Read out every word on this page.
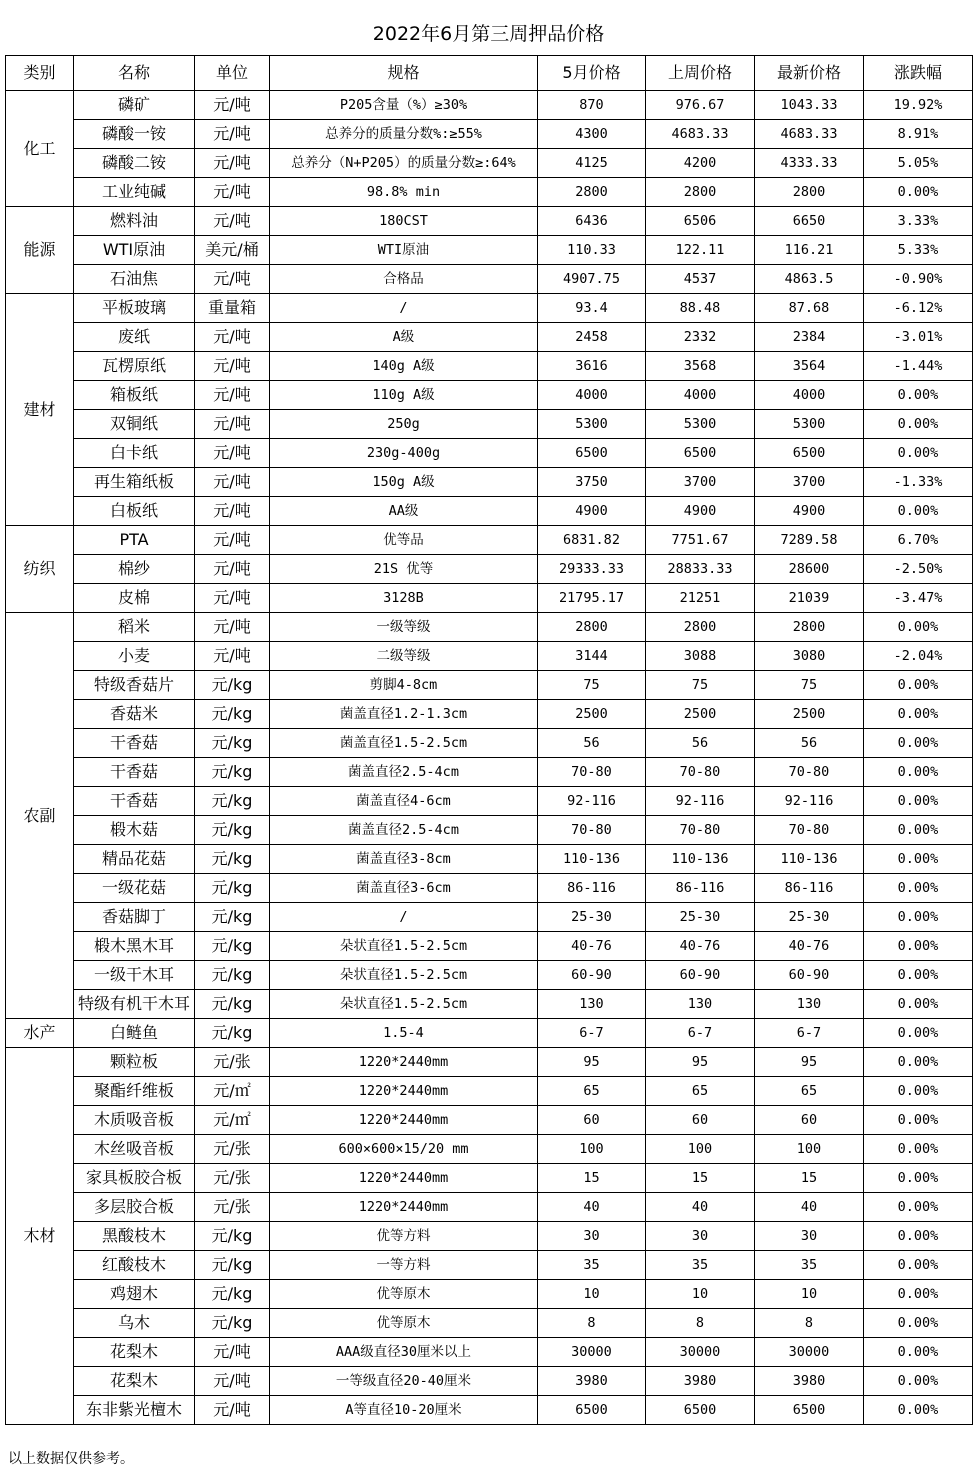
2022年6月第三周押品价格
类别	名称	单位	规格	5月价格	上周价格	最新价格	涨跌幅
化工	磷矿	元/吨	P205含量（%）≥30%	870	976.67	1043.33	19.92%
	磷酸一铵	元/吨	总养分的质量分数%:≥55%	4300	4683.33	4683.33	8.91%
	磷酸二铵	元/吨	总养分（N+P205）的质量分数≥:64%	4125	4200	4333.33	5.05%
	工业纯碱	元/吨	98.8% min	2800	2800	2800	0.00%
能源	燃料油	元/吨	180CST	6436	6506	6650	3.33%
	WTI原油	美元/桶	WTI原油	110.33	122.11	116.21	5.33%
	石油焦	元/吨	合格品	4907.75	4537	4863.5	-0.90%
建材	平板玻璃	重量箱	/	93.4	88.48	87.68	-6.12%
	废纸	元/吨	A级	2458	2332	2384	-3.01%
	瓦楞原纸	元/吨	140g A级	3616	3568	3564	-1.44%
	箱板纸	元/吨	110g A级	4000	4000	4000	0.00%
	双铜纸	元/吨	250g	5300	5300	5300	0.00%
	白卡纸	元/吨	230g-400g	6500	6500	6500	0.00%
	再生箱纸板	元/吨	150g A级	3750	3700	3700	-1.33%
	白板纸	元/吨	AA级	4900	4900	4900	0.00%
纺织	PTA	元/吨	优等品	6831.82	7751.67	7289.58	6.70%
	棉纱	元/吨	21S 优等	29333.33	28833.33	28600	-2.50%
	皮棉	元/吨	3128B	21795.17	21251	21039	-3.47%
农副	稻米	元/吨	一级等级	2800	2800	2800	0.00%
	小麦	元/吨	二级等级	3144	3088	3080	-2.04%
	特级香菇片	元/kg	剪脚4-8cm	75	75	75	0.00%
	香菇米	元/kg	菌盖直径1.2-1.3cm	2500	2500	2500	0.00%
	干香菇	元/kg	菌盖直径1.5-2.5cm	56	56	56	0.00%
	干香菇	元/kg	菌盖直径2.5-4cm	70-80	70-80	70-80	0.00%
	干香菇	元/kg	菌盖直径4-6cm	92-116	92-116	92-116	0.00%
	椴木菇	元/kg	菌盖直径2.5-4cm	70-80	70-80	70-80	0.00%
	精品花菇	元/kg	菌盖直径3-8cm	110-136	110-136	110-136	0.00%
	一级花菇	元/kg	菌盖直径3-6cm	86-116	86-116	86-116	0.00%
	香菇脚丁	元/kg	/	25-30	25-30	25-30	0.00%
	椴木黑木耳	元/kg	朵状直径1.5-2.5cm	40-76	40-76	40-76	0.00%
	一级干木耳	元/kg	朵状直径1.5-2.5cm	60-90	60-90	60-90	0.00%
	特级有机干木耳	元/kg	朵状直径1.5-2.5cm	130	130	130	0.00%
水产	白鲢鱼	元/kg	1.5-4	6-7	6-7	6-7	0.00%
木材	颗粒板	元/张	1220*2440mm	95	95	95	0.00%
	聚酯纤维板	元/㎡	1220*2440mm	65	65	65	0.00%
	木质吸音板	元/㎡	1220*2440mm	60	60	60	0.00%
	木丝吸音板	元/张	600×600×15/20 mm	100	100	100	0.00%
	家具板胶合板	元/张	1220*2440mm	15	15	15	0.00%
	多层胶合板	元/张	1220*2440mm	40	40	40	0.00%
	黑酸枝木	元/kg	优等方料	30	30	30	0.00%
	红酸枝木	元/kg	一等方料	35	35	35	0.00%
	鸡翅木	元/kg	优等原木	10	10	10	0.00%
	乌木	元/kg	优等原木	8	8	8	0.00%
	花梨木	元/吨	AAA级直径30厘米以上	30000	30000	30000	0.00%
	花梨木	元/吨	一等级直径20-40厘米	3980	3980	3980	0.00%
	东非紫光檀木	元/吨	A等直径10-20厘米	6500	6500	6500	0.00%
以上数据仅供参考。
